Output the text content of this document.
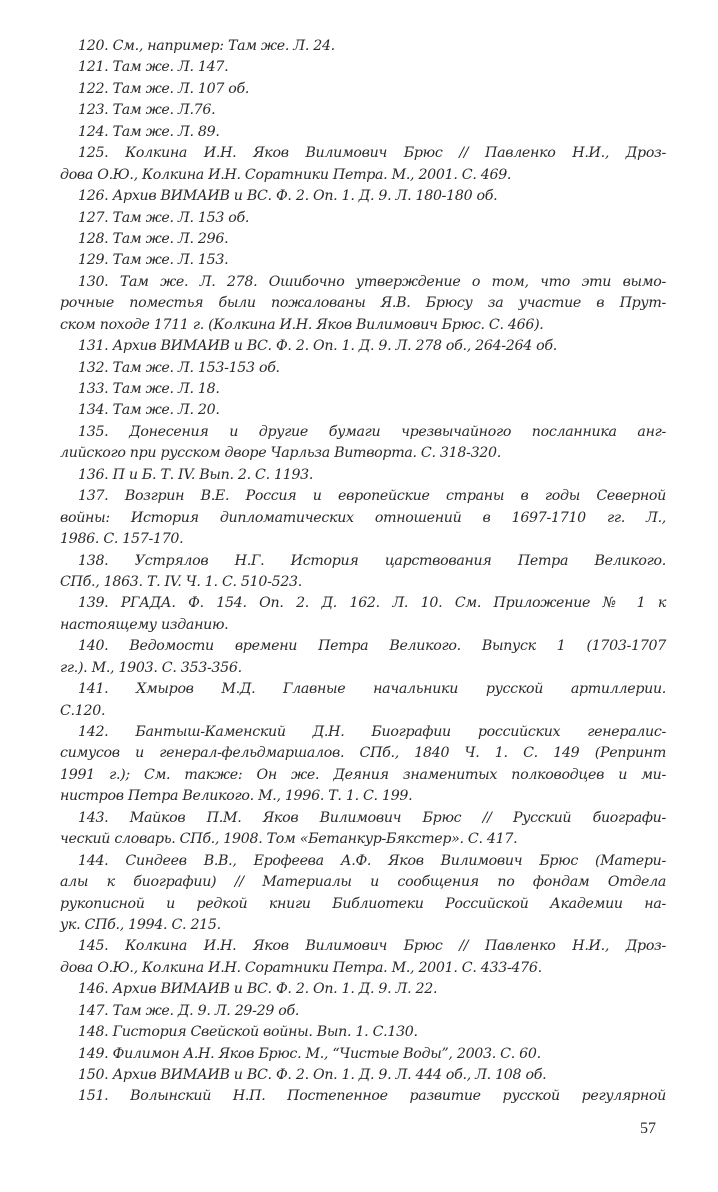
120. См., например: Там же. Л. 24.
121. Там же. Л. 147.
122. Там же. Л. 107 об.
123. Там же. Л.76.
124. Там же. Л. 89.
125. Колкина И.Н. Яков Вилимович Брюс // Павленко Н.И., Дроз-
дова О.Ю., Колкина И.Н. Соратники Петра. М., 2001. С. 469.
126. Архив ВИМАИВ и ВС. Ф. 2. Оп. 1. Д. 9. Л. 180-180 об.
127. Там же. Л. 153 об.
128. Там же. Л. 296.
129. Там же. Л. 153.
130. Там же. Л. 278. Ошибочно утверждение о том, что эти вымо-
рочные поместья были пожалованы Я.В. Брюсу за участие в Прут-
ском походе 1711 г. (Колкина И.Н. Яков Вилимович Брюс. С. 466).
131. Архив ВИМАИВ и ВС. Ф. 2. Оп. 1. Д. 9. Л. 278 об., 264-264 об.
132. Там же. Л. 153-153 об.
133. Там же. Л. 18.
134. Там же. Л. 20.
135. Донесения и другие бумаги чрезвычайного посланника анг-
лийского при русском дворе Чарльза Витворта. С. 318-320.
136. П и Б. Т. IV. Вып. 2. С. 1193.
137. Возгрин В.Е. Россия и европейские страны в годы Северной
войны: История дипломатических отношений в 1697-1710 гг. Л.,
1986. С. 157-170.
138. Устрялов Н.Г. История царствования Петра Великого.
СПб., 1863. Т. IV. Ч. 1. С. 510-523.
139. РГАДА. Ф. 154. Оп. 2. Д. 162. Л. 10. См. Приложение № 1 к
настоящему изданию.
140. Ведомости времени Петра Великого. Выпуск 1 (1703-1707
гг.). М., 1903. С. 353-356.
141. Хмыров М.Д. Главные начальники русской артиллерии.
С.120.
142. Бантыш-Каменский Д.Н. Биографии российских генералис-
симусов и генерал-фельдмаршалов. СПб., 1840 Ч. 1. С. 149 (Репринт
1991 г.); См. также: Он же. Деяния знаменитых полководцев и ми-
нистров Петра Великого. М., 1996. Т. 1. С. 199.
143. Майков П.М. Яков Вилимович Брюс // Русский биографи-
ческий словарь. СПб., 1908. Том «Бетанкур-Бякстер». С. 417.
144. Синдеев В.В., Ерофеева А.Ф. Яков Вилимович Брюс (Матери-
алы к биографии) // Материалы и сообщения по фондам Отдела
рукописной и редкой книги Библиотеки Российской Академии на-
ук. СПб., 1994. С. 215.
145. Колкина И.Н. Яков Вилимович Брюс // Павленко Н.И., Дроз-
дова О.Ю., Колкина И.Н. Соратники Петра. М., 2001. С. 433-476.
146. Архив ВИМАИВ и ВС. Ф. 2. Оп. 1. Д. 9. Л. 22.
147. Там же. Д. 9. Л. 29-29 об.
148. Гистория Свейской войны. Вып. 1. С.130.
149. Филимон А.Н. Яков Брюс. М., “Чистые Воды”, 2003. С. 60.
150. Архив ВИМАИВ и ВС. Ф. 2. Оп. 1. Д. 9. Л. 444 об., Л. 108 об.
151. Волынский Н.П. Постепенное развитие русской регулярной
57
